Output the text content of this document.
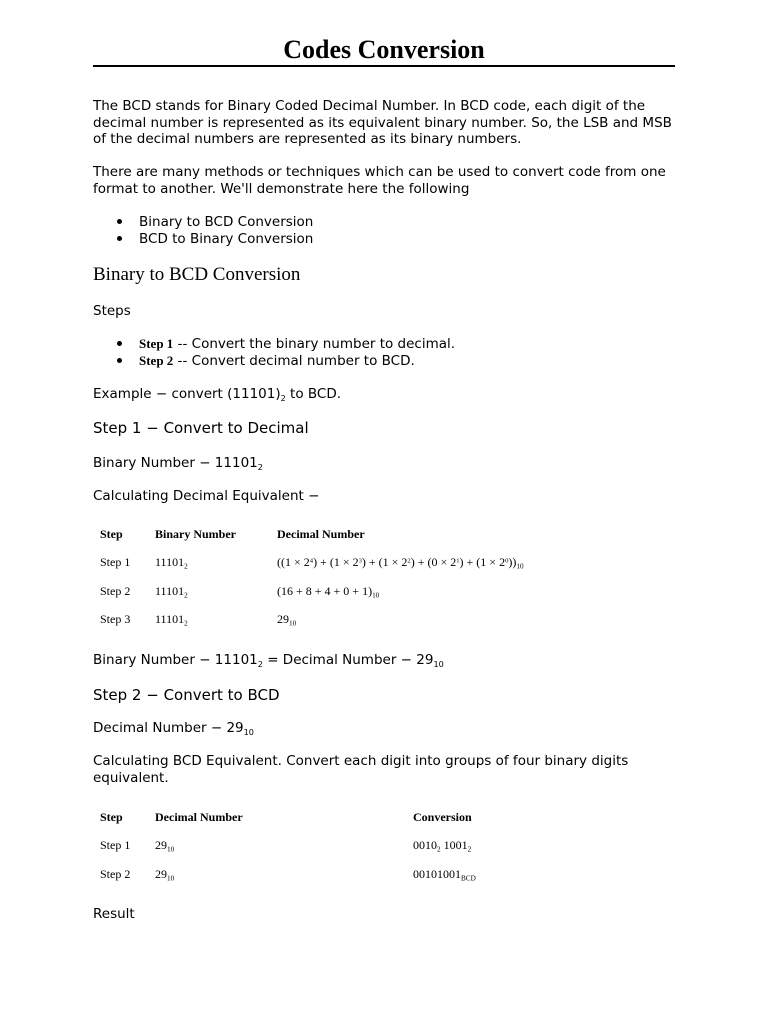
Codes Conversion

The BCD stands for Binary Coded Decimal Number. In BCD code, each digit of the decimal number is represented as its equivalent binary number. So, the LSB and MSB of the decimal numbers are represented as its binary numbers.

There are many methods or techniques which can be used to convert code from one format to another. We'll demonstrate here the following

Binary to BCD Conversion
BCD to Binary Conversion
Binary to BCD Conversion

Steps

Step 1 -- Convert the binary number to decimal.
Step 2 -- Convert decimal number to BCD.

Example − convert $(11101)_2$ to BCD.

Step 1 − Convert to Decimal

Binary Number − $11101_2$

Calculating Decimal Equivalent −

Step	Binary Number	Decimal Number
Step 1	$11101_2$	$((1 \times 2^4) + (1 \times 2^3) + (1 \times 2^2) + (0 \times 2^1) + (1 \times 2^0))_{10}$
Step 2	$11101_2$	$(16 + 8 + 4 + 0 + 1)_{10}$
Step 3	$11101_2$	$29_{10}$

Binary Number − $11101_2$ = Decimal Number − $29_{10}$

Step 2 − Convert to BCD

Decimal Number − $29_{10}$

Calculating BCD Equivalent. Convert each digit into groups of four binary digits equivalent.

Step	Decimal Number	Conversion
Step 1	$29_{10}$	$0010_2$ $1001_2$
Step 2	$29_{10}$	$00101001_{BCD}$

Result
